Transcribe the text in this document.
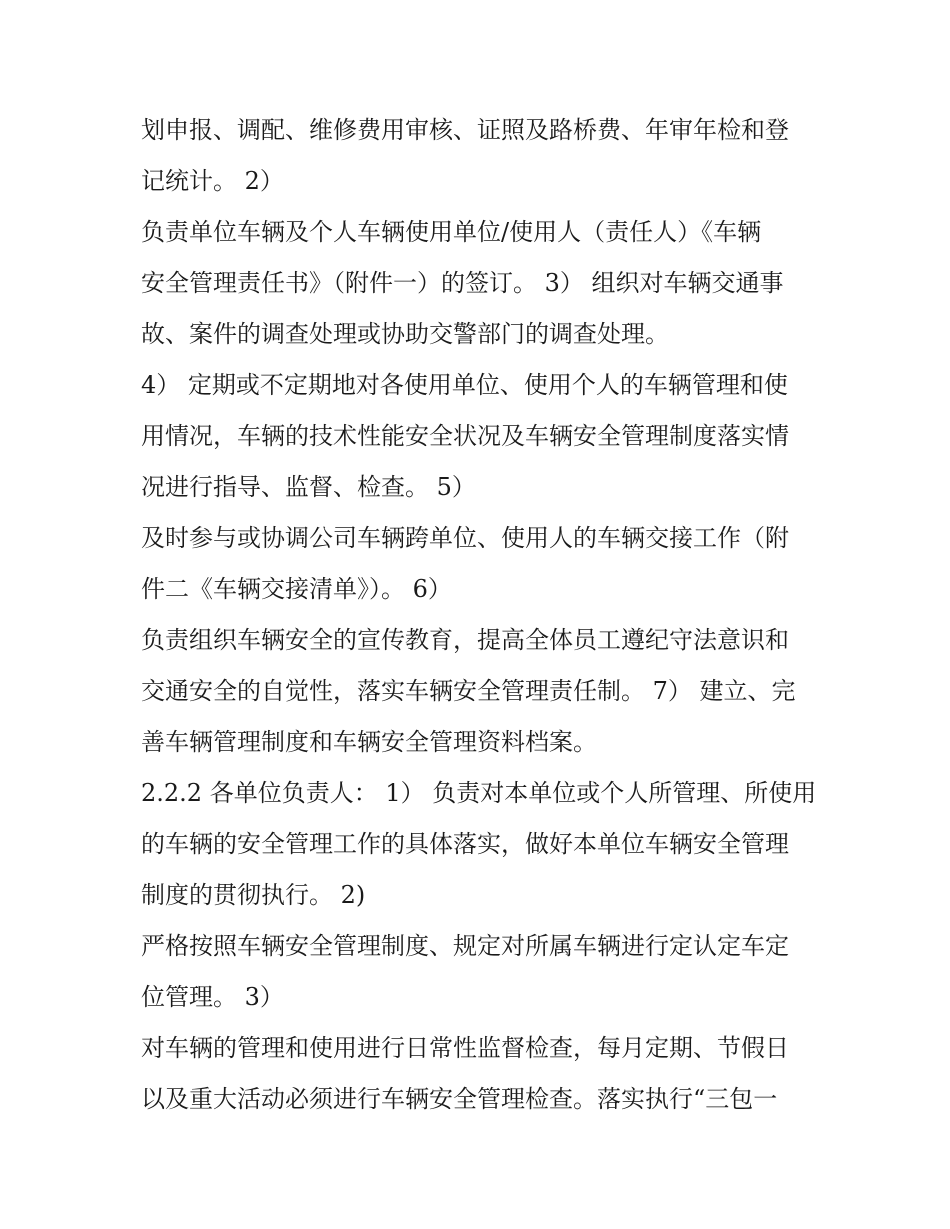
划申报、调配、维修费用审核、证照及路桥费、年审年检和登
记统计。 2）
负责单位车辆及个人车辆使用单位/使用人（责任人）《车辆
安全管理责任书》（附件一）的签订。 3） 组织对车辆交通事
故、案件的调查处理或协助交警部门的调查处理。
4） 定期或不定期地对各使用单位、使用个人的车辆管理和使
用情况，车辆的技术性能安全状况及车辆安全管理制度落实情
况进行指导、监督、检查。 5）
及时参与或协调公司车辆跨单位、使用人的车辆交接工作（附
件二《车辆交接清单》）。 6）
负责组织车辆安全的宣传教育，提高全体员工遵纪守法意识和
交通安全的自觉性，落实车辆安全管理责任制。 7） 建立、完
善车辆管理制度和车辆安全管理资料档案。
2.2.2 各单位负责人： 1） 负责对本单位或个人所管理、所使用
的车辆的安全管理工作的具体落实，做好本单位车辆安全管理
制度的贯彻执行。 2)
严格按照车辆安全管理制度、规定对所属车辆进行定认定车定
位管理。 3）
对车辆的管理和使用进行日常性监督检查，每月定期、节假日
以及重大活动必须进行车辆安全管理检查。落实执行“三包一
